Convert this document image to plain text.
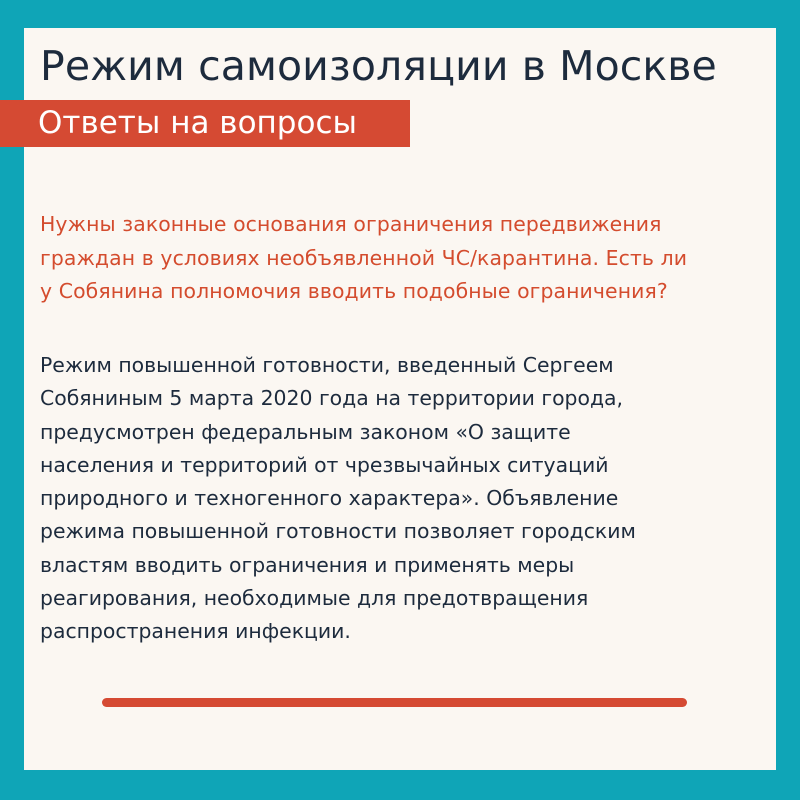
Режим самоизоляции в Москве
Ответы на вопросы

Нужны законные основания ограничения передвижения
граждан в условиях необъявленной ЧС/карантина. Есть ли
у Собянина полномочия вводить подобные ограничения?

Режим повышенной готовности, введенный Сергеем
Собяниным 5 марта 2020 года на территории города,
предусмотрен федеральным законом «О защите
населения и территорий от чрезвычайных ситуаций
природного и техногенного характера». Объявление
режима повышенной готовности позволяет городским
властям вводить ограничения и применять меры
реагирования, необходимые для предотвращения
распространения инфекции.
